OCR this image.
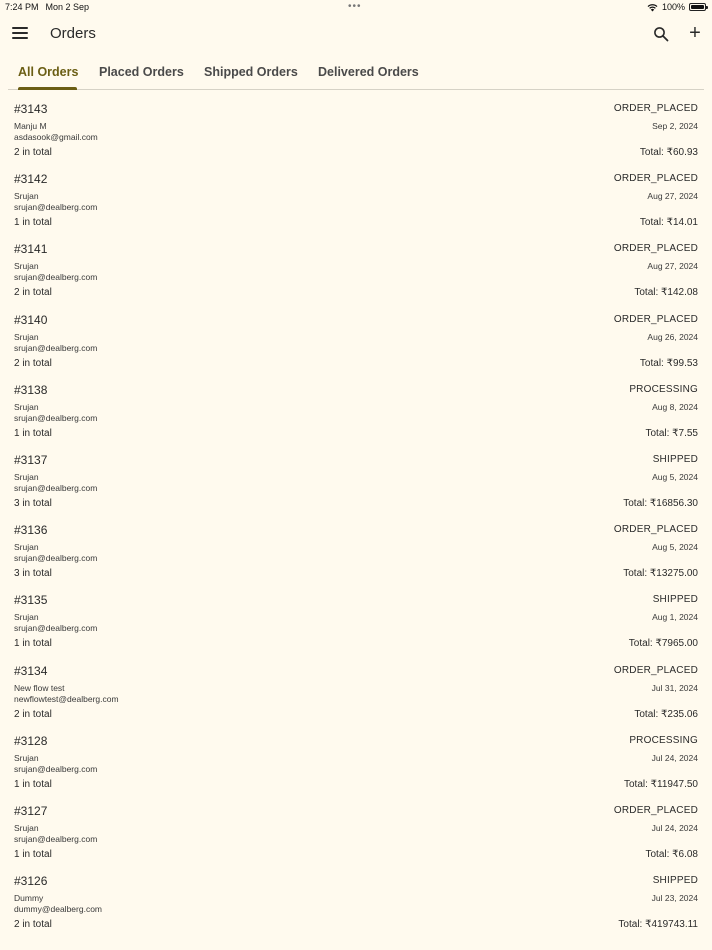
7:24 PM Mon 2 Sep	•••	100%
Orders	+
All Orders Placed Orders Shipped Orders Delivered Orders
#3143	ORDER_PLACED
Manju M	Sep 2, 2024
asdasook@gmail.com
2 in total	Total: ₹60.93
#3142	ORDER_PLACED
Srujan	Aug 27, 2024
srujan@dealberg.com
1 in total	Total: ₹14.01
#3141	ORDER_PLACED
Srujan	Aug 27, 2024
srujan@dealberg.com
2 in total	Total: ₹142.08
#3140	ORDER_PLACED
Srujan	Aug 26, 2024
srujan@dealberg.com
2 in total	Total: ₹99.53
#3138	PROCESSING
Srujan	Aug 8, 2024
srujan@dealberg.com
1 in total	Total: ₹7.55
#3137	SHIPPED
Srujan	Aug 5, 2024
srujan@dealberg.com
3 in total	Total: ₹16856.30
#3136	ORDER_PLACED
Srujan	Aug 5, 2024
srujan@dealberg.com
3 in total	Total: ₹13275.00
#3135	SHIPPED
Srujan	Aug 1, 2024
srujan@dealberg.com
1 in total	Total: ₹7965.00
#3134	ORDER_PLACED
New flow test	Jul 31, 2024
newflowtest@dealberg.com
2 in total	Total: ₹235.06
#3128	PROCESSING
Srujan	Jul 24, 2024
srujan@dealberg.com
1 in total	Total: ₹11947.50
#3127	ORDER_PLACED
Srujan	Jul 24, 2024
srujan@dealberg.com
1 in total	Total: ₹6.08
#3126	SHIPPED
Dummy	Jul 23, 2024
dummy@dealberg.com
2 in total	Total: ₹419743.11
